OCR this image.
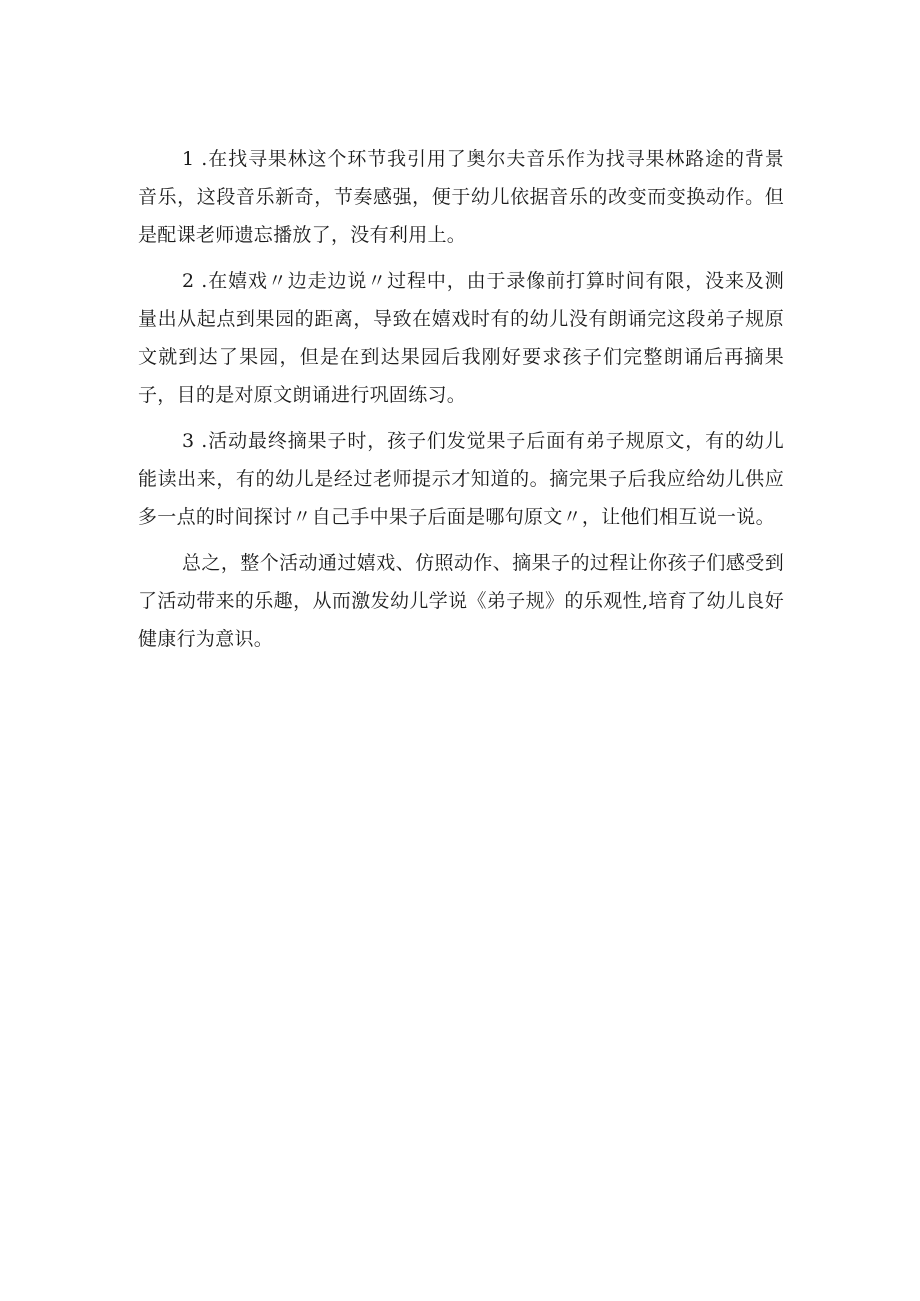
1 .在找寻果林这个环节我引用了奥尔夫音乐作为找寻果林路途的背景音乐，这段音乐新奇，节奏感强，便于幼儿依据音乐的改变而变换动作。但是配课老师遗忘播放了，没有利用上。

2 .在嬉戏〃边走边说〃过程中，由于录像前打算时间有限，没来及测量出从起点到果园的距离，导致在嬉戏时有的幼儿没有朗诵完这段弟子规原文就到达了果园，但是在到达果园后我刚好要求孩子们完整朗诵后再摘果子，目的是对原文朗诵进行巩固练习。

3 .活动最终摘果子时，孩子们发觉果子后面有弟子规原文，有的幼儿能读出来，有的幼儿是经过老师提示才知道的。摘完果子后我应给幼儿供应多一点的时间探讨〃自己手中果子后面是哪句原文〃，让他们相互说一说。

总之，整个活动通过嬉戏、仿照动作、摘果子的过程让你孩子们感受到了活动带来的乐趣，从而激发幼儿学说《弟子规》的乐观性,培育了幼儿良好健康行为意识。
